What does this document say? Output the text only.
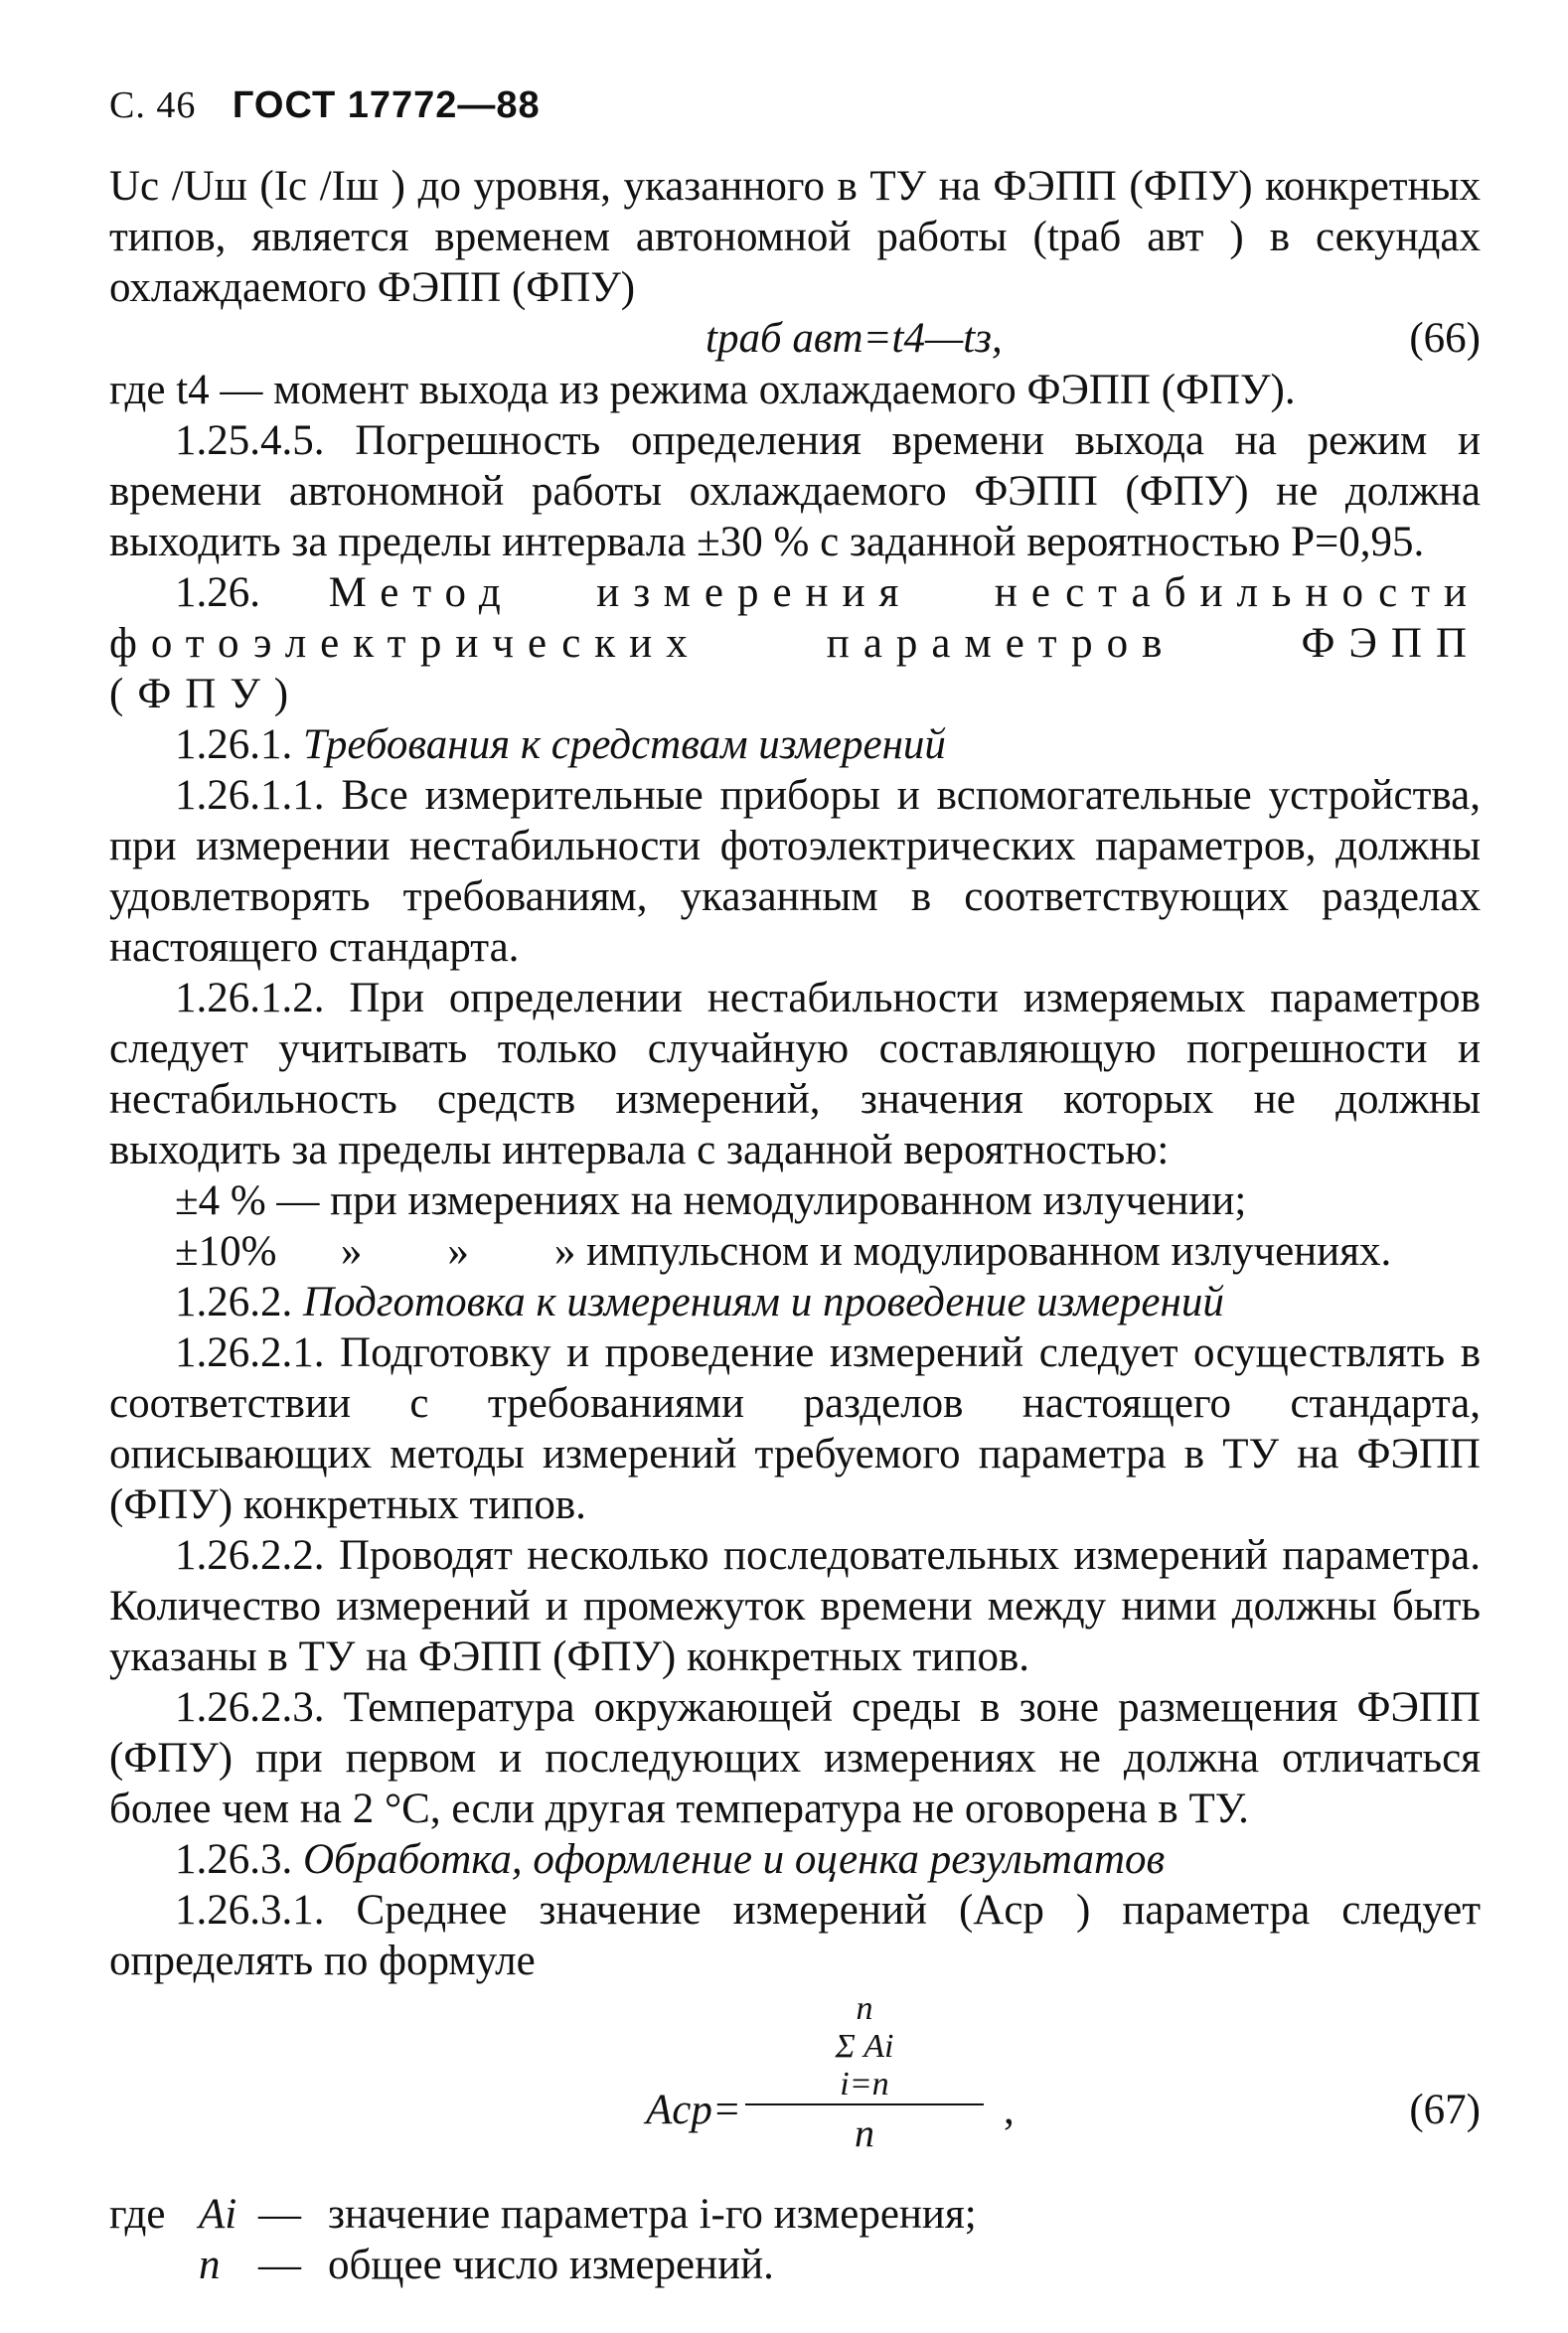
С. 46 ГОСТ 17772—88

Uс /Uш (Iс /Iш ) до уровня, указанного в ТУ на ФЭПП (ФПУ) конкретных типов, является временем автономной работы (tраб авт ) в секундах охлаждаемого ФЭПП (ФПУ)

tраб авт=t4—tз,	(66)

где t4 — момент выхода из режима охлаждаемого ФЭПП (ФПУ).

1.25.4.5. Погрешность определения времени выхода на режим и времени автономной работы охлаждаемого ФЭПП (ФПУ) не должна выходить за пределы интервала ±30 % с заданной вероятностью P=0,95.

1.26. Метод измерения нестабильности фотоэлектрических параметров ФЭПП (ФПУ)

1.26.1. Требования к средствам измерений

1.26.1.1. Все измерительные приборы и вспомогательные устройства, при измерении нестабильности фотоэлектрических параметров, должны удовлетворять требованиям, указанным в соответствующих разделах настоящего стандарта.

1.26.1.2. При определении нестабильности измеряемых параметров следует учитывать только случайную составляющую погрешности и нестабильность средств измерений, значения которых не должны выходить за пределы интервала с заданной вероятностью:

±4 % — при измерениях на немодулированном излучении;

±10%      »        »        » импульсном и модулированном излучениях.

1.26.2. Подготовка к измерениям и проведение измерений

1.26.2.1. Подготовку и проведение измерений следует осуществлять в соответствии с требованиями разделов настоящего стандарта, описывающих методы измерений требуемого параметра в ТУ на ФЭПП (ФПУ) конкретных типов.

1.26.2.2. Проводят несколько последовательных измерений параметра. Количество измерений и промежуток времени между ними должны быть указаны в ТУ на ФЭПП (ФПУ) конкретных типов.

1.26.2.3. Температура окружающей среды в зоне размещения ФЭПП (ФПУ) при первом и последующих измерениях не должна отличаться более чем на 2 °С, если другая температура не оговорена в ТУ.

1.26.3. Обработка, оформление и оценка результатов

1.26.3.1. Среднее значение измерений (Aср ) параметра следует определять по формуле

Aср=
n
Σ Ai
i=n
n	,	(67)
где Ai — значение параметра i-го измерения;
n — общее число измерений.
